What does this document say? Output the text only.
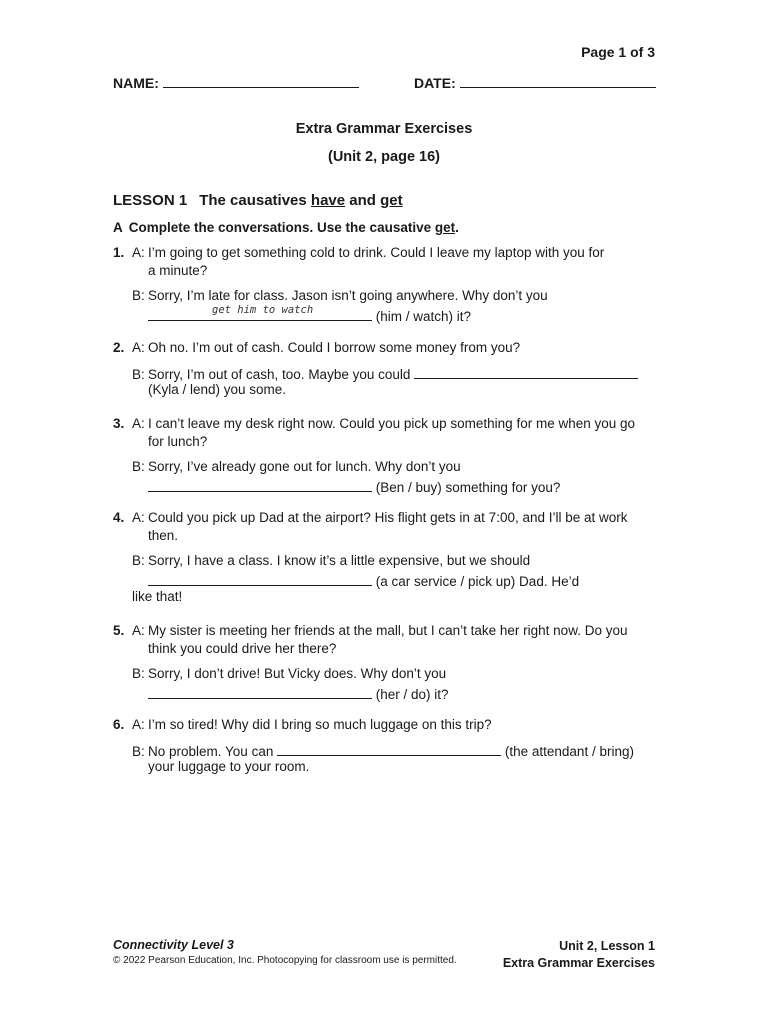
Page 1 of 3
NAME:	DATE:
Extra Grammar Exercises
(Unit 2, page 16)
LESSON 1 The causatives have and get
A Complete the conversations. Use the causative get.
1. A: I’m going to get something cold to drink. Could I leave my laptop with you for
a minute?
B: Sorry, I’m late for class. Jason isn’t going anywhere. Why don’t you
get him to watch	(him / watch) it?
2. A: Oh no. I’m out of cash. Could I borrow some money from you?
B: Sorry, I’m out of cash, too. Maybe you could
(Kyla / lend) you some.
3. A: I can’t leave my desk right now. Could you pick up something for me when you go
for lunch?
B: Sorry, I’ve already gone out for lunch. Why don’t you
(Ben / buy) something for you?
4. A: Could you pick up Dad at the airport? His flight gets in at 7:00, and I’ll be at work
then.
B: Sorry, I have a class. I know it’s a little expensive, but we should
(a car service / pick up) Dad. He’d
like that!
5. A: My sister is meeting her friends at the mall, but I can’t take her right now. Do you
think you could drive her there?
B: Sorry, I don’t drive! But Vicky does. Why don’t you
(her / do) it?
6. A: I’m so tired! Why did I bring so much luggage on this trip?
B: No problem. You can	(the attendant / bring)
your luggage to your room.
Connectivity Level 3
© 2022 Pearson Education, Inc. Photocopying for classroom use is permitted.
Unit 2, Lesson 1
Extra Grammar Exercises
